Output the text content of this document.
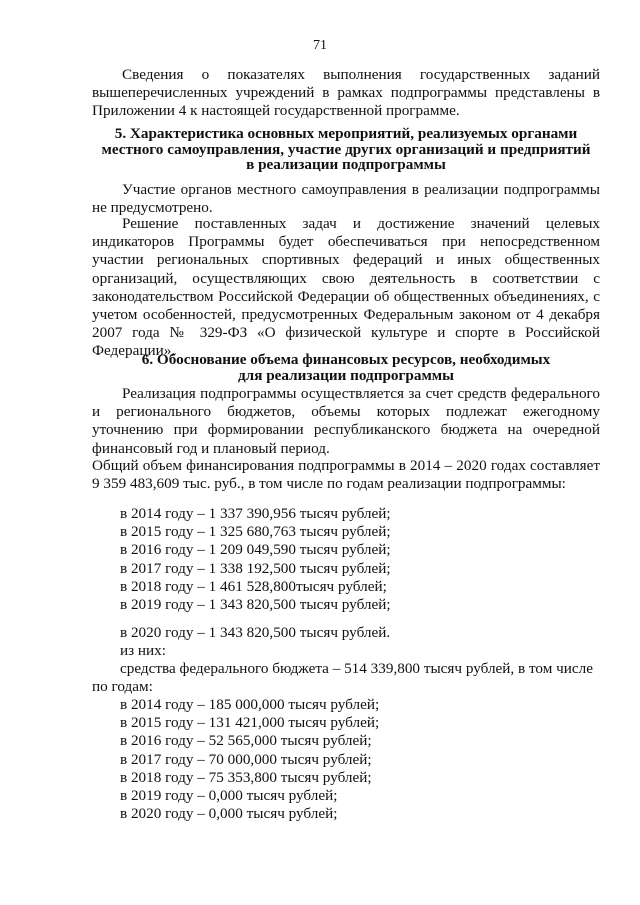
71
Сведения о показателях выполнения государственных заданий вышеперечисленных учреждений в рамках подпрограммы представлены в Приложении 4 к настоящей государственной программе.
5. Характеристика основных мероприятий, реализуемых органами
местного самоуправления, участие других организаций и предприятий
в реализации подпрограммы
Участие органов местного самоуправления в реализации подпрограммы не предусмотрено.
Решение поставленных задач и достижение значений целевых индикаторов Программы будет обеспечиваться при непосредственном участии региональных спортивных федераций и иных общественных организаций, осуществляющих свою деятельность в соответствии с законодательством Российской Федерации об общественных объединениях, с учетом особенностей, предусмотренных Федеральным законом от 4 декабря 2007 года № 329-ФЗ «О физической культуре и спорте в Российской Федерации».
6. Обоснование объема финансовых ресурсов, необходимых
для реализации подпрограммы
Реализация подпрограммы осуществляется за счет средств федерального и регионального бюджетов, объемы которых подлежат ежегодному уточнению при формировании республиканского бюджета на очередной финансовый год и плановый период.
Общий объем финансирования подпрограммы в 2014 – 2020 годах составляет 9 359 483,609 тыс. руб., в том числе по годам реализации подпрограммы:
в 2014 году – 1 337 390,956 тысяч рублей;
в 2015 году – 1 325 680,763 тысяч рублей;
в 2016 году – 1 209 049,590 тысяч рублей;
в 2017 году – 1 338 192,500 тысяч рублей;
в 2018 году – 1 461 528,800тысяч рублей;
в 2019 году – 1 343 820,500 тысяч рублей;
в 2020 году – 1 343 820,500 тысяч рублей.
из них:
средства федерального бюджета – 514 339,800 тысяч рублей, в том числе
по годам:
в 2014 году – 185 000,000 тысяч рублей;
в 2015 году – 131 421,000 тысяч рублей;
в 2016 году – 52 565,000 тысяч рублей;
в 2017 году – 70 000,000 тысяч рублей;
в 2018 году – 75 353,800 тысяч рублей;
в 2019 году – 0,000 тысяч рублей;
в 2020 году – 0,000 тысяч рублей;
